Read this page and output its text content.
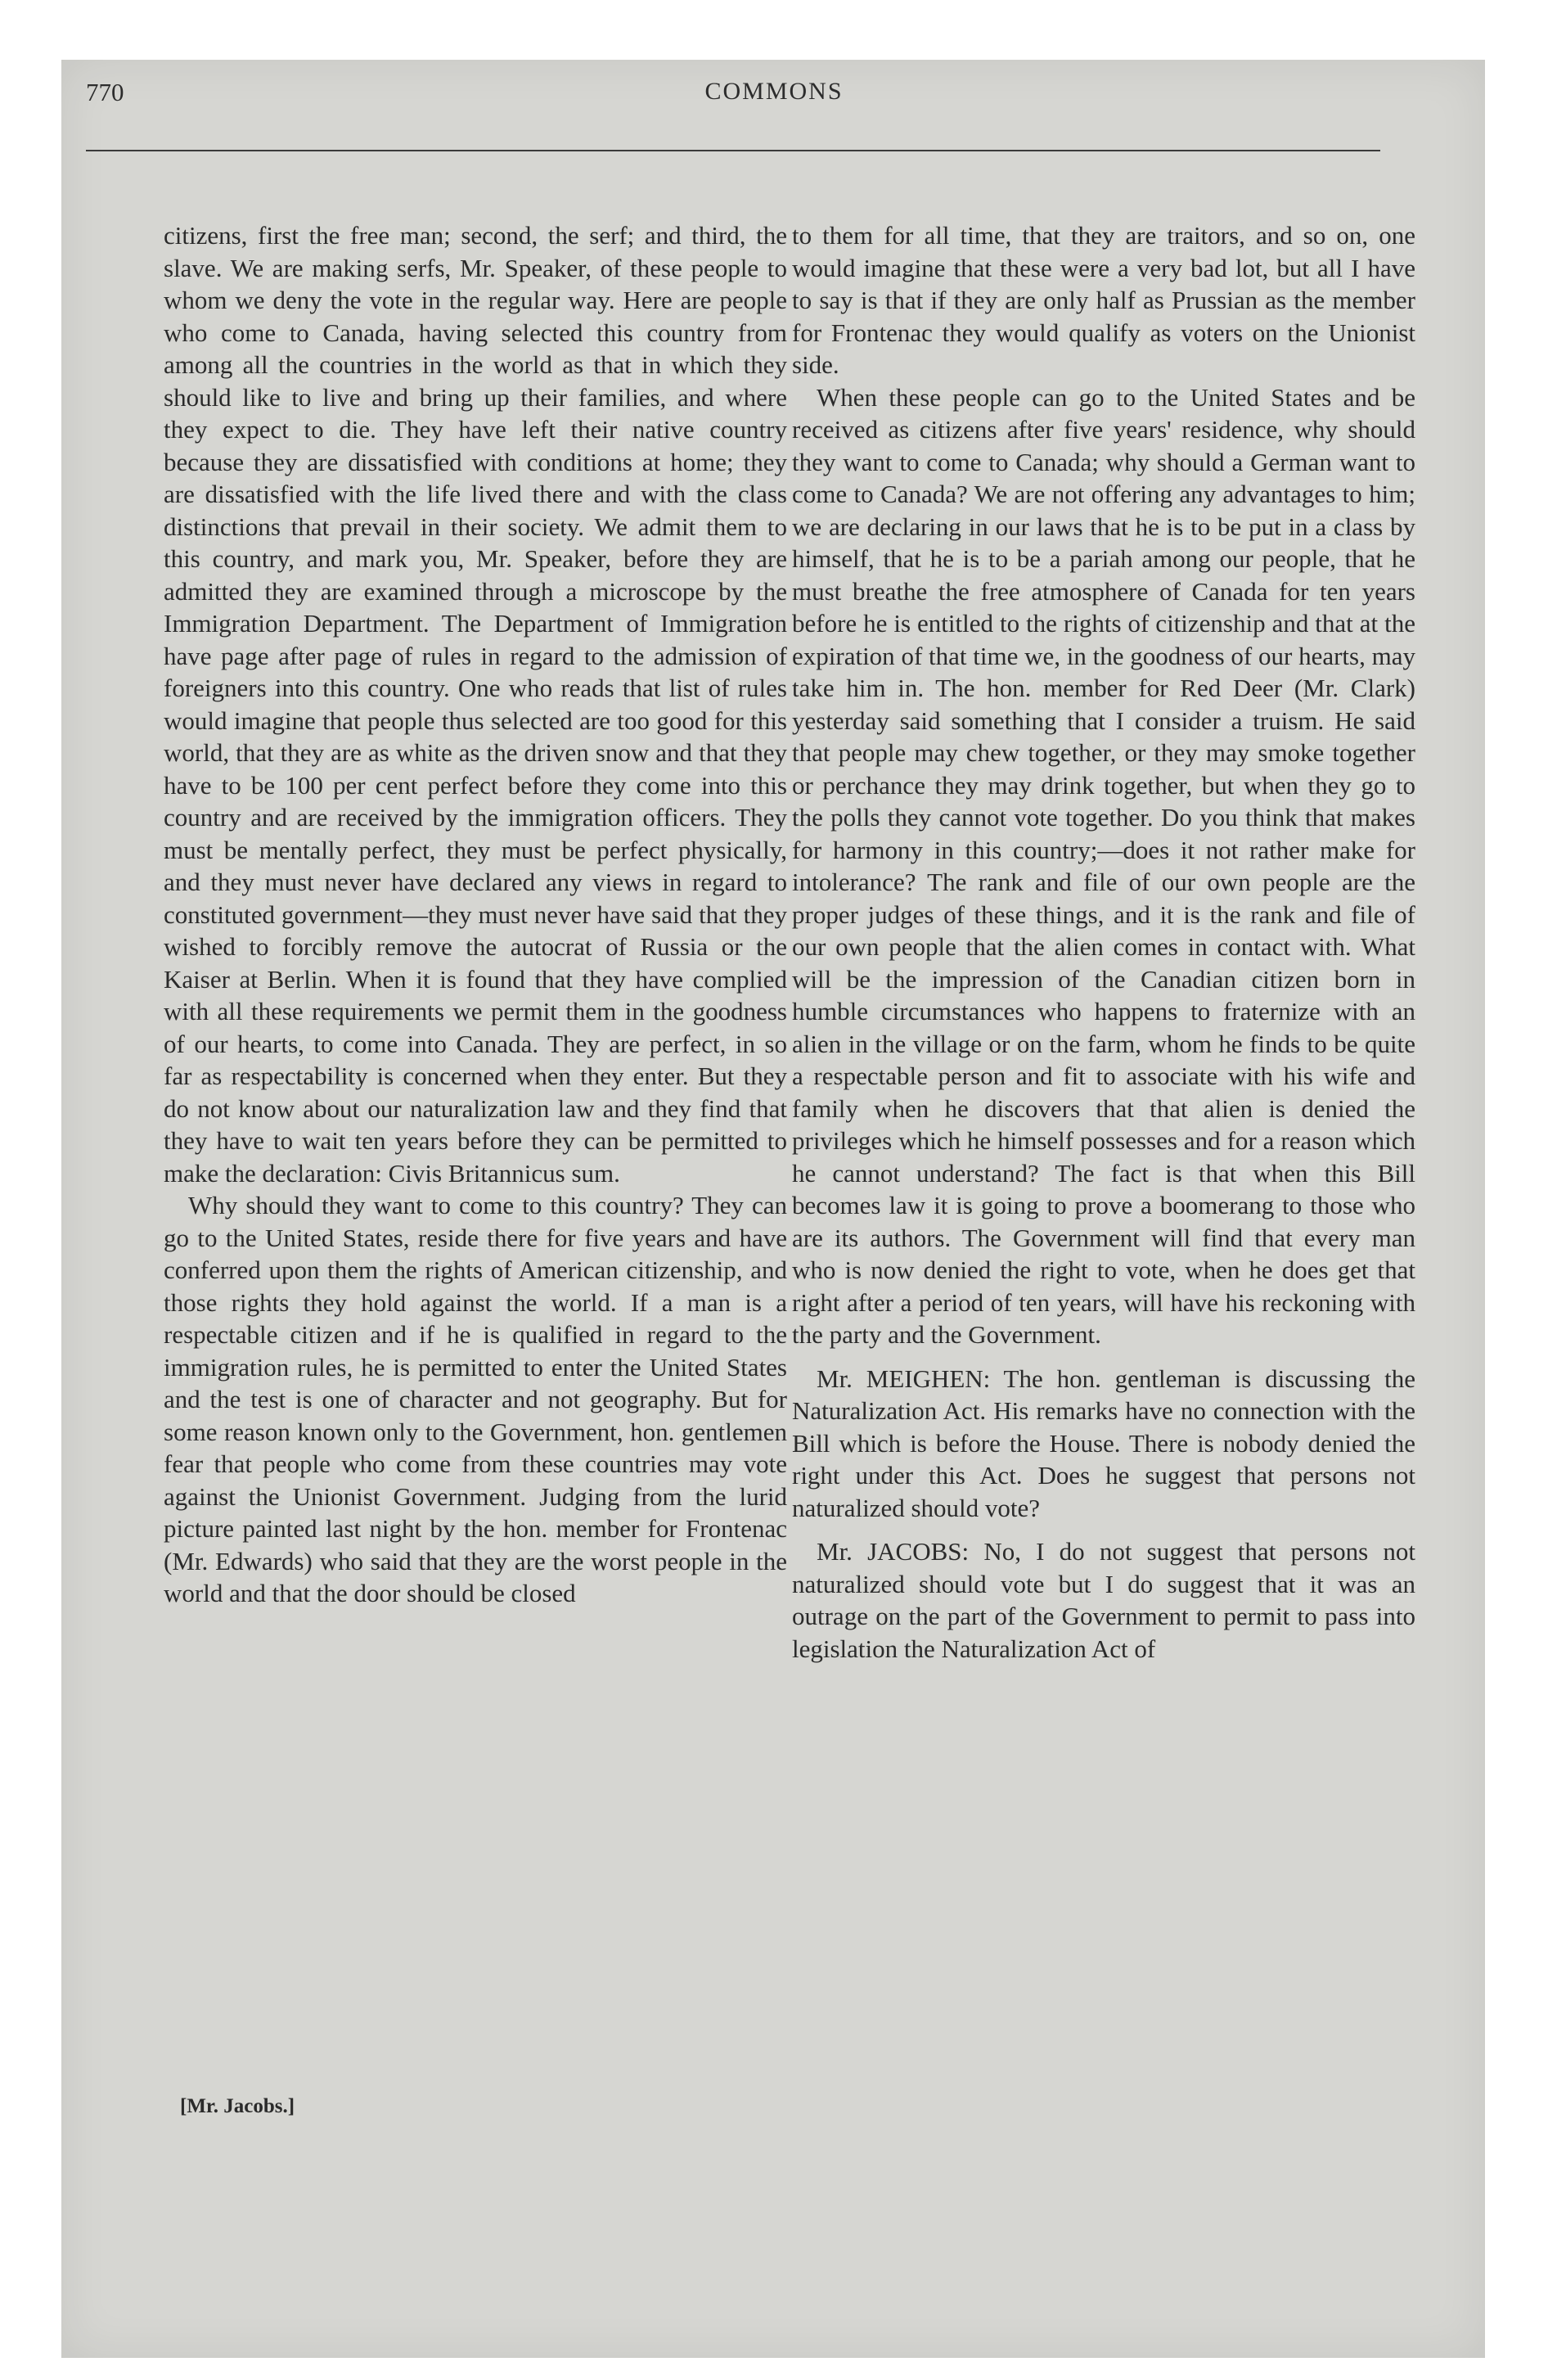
770	COMMONS

citizens, first the free man; second, the serf; and third, the slave. We are making serfs, Mr. Speaker, of these people to whom we deny the vote in the regular way. Here are people who come to Canada, having selected this country from among all the countries in the world as that in which they should like to live and bring up their families, and where they expect to die. They have left their native country because they are dissatisfied with conditions at home; they are dissatisfied with the life lived there and with the class distinctions that prevail in their society. We admit them to this country, and mark you, Mr. Speaker, before they are admitted they are examined through a microscope by the Immigration Department. The Department of Immigration have page after page of rules in regard to the admission of foreigners into this country. One who reads that list of rules would imagine that people thus selected are too good for this world, that they are as white as the driven snow and that they have to be 100 per cent perfect before they come into this country and are received by the immigration officers. They must be mentally perfect, they must be perfect physically, and they must never have declared any views in regard to constituted government—they must never have said that they wished to forcibly remove the autocrat of Russia or the Kaiser at Berlin. When it is found that they have complied with all these requirements we permit them in the goodness of our hearts, to come into Canada. They are perfect, in so far as respectability is concerned when they enter. But they do not know about our naturalization law and they find that they have to wait ten years before they can be permitted to make the declaration: Civis Britannicus sum.

Why should they want to come to this country? They can go to the United States, reside there for five years and have conferred upon them the rights of American citizenship, and those rights they hold against the world. If a man is a respectable citizen and if he is qualified in regard to the immigration rules, he is permitted to enter the United States and the test is one of character and not geography. But for some reason known only to the Government, hon. gentlemen fear that people who come from these countries may vote against the Unionist Government. Judging from the lurid picture painted last night by the hon. member for Frontenac (Mr. Edwards) who said that they are the worst people in the world and that the door should be closed

to them for all time, that they are traitors, and so on, one would imagine that these were a very bad lot, but all I have to say is that if they are only half as Prussian as the member for Frontenac they would qualify as voters on the Unionist side.

When these people can go to the United States and be received as citizens after five years' residence, why should they want to come to Canada; why should a German want to come to Canada? We are not offering any advantages to him; we are declaring in our laws that he is to be put in a class by himself, that he is to be a pariah among our people, that he must breathe the free atmosphere of Canada for ten years before he is entitled to the rights of citizenship and that at the expiration of that time we, in the goodness of our hearts, may take him in. The hon. member for Red Deer (Mr. Clark) yesterday said something that I consider a truism. He said that people may chew together, or they may smoke together or perchance they may drink together, but when they go to the polls they cannot vote together. Do you think that makes for harmony in this country;—does it not rather make for intolerance? The rank and file of our own people are the proper judges of these things, and it is the rank and file of our own people that the alien comes in contact with. What will be the impression of the Canadian citizen born in humble circumstances who happens to fraternize with an alien in the village or on the farm, whom he finds to be quite a respectable person and fit to associate with his wife and family when he discovers that that alien is denied the privileges which he himself possesses and for a reason which he cannot understand? The fact is that when this Bill becomes law it is going to prove a boomerang to those who are its authors. The Government will find that every man who is now denied the right to vote, when he does get that right after a period of ten years, will have his reckoning with the party and the Government.

Mr. MEIGHEN: The hon. gentleman is discussing the Naturalization Act. His remarks have no connection with the Bill which is before the House. There is nobody denied the right under this Act. Does he suggest that persons not naturalized should vote?

Mr. JACOBS: No, I do not suggest that persons not naturalized should vote but I do suggest that it was an outrage on the part of the Government to permit to pass into legislation the Naturalization Act of

[Mr. Jacobs.]
